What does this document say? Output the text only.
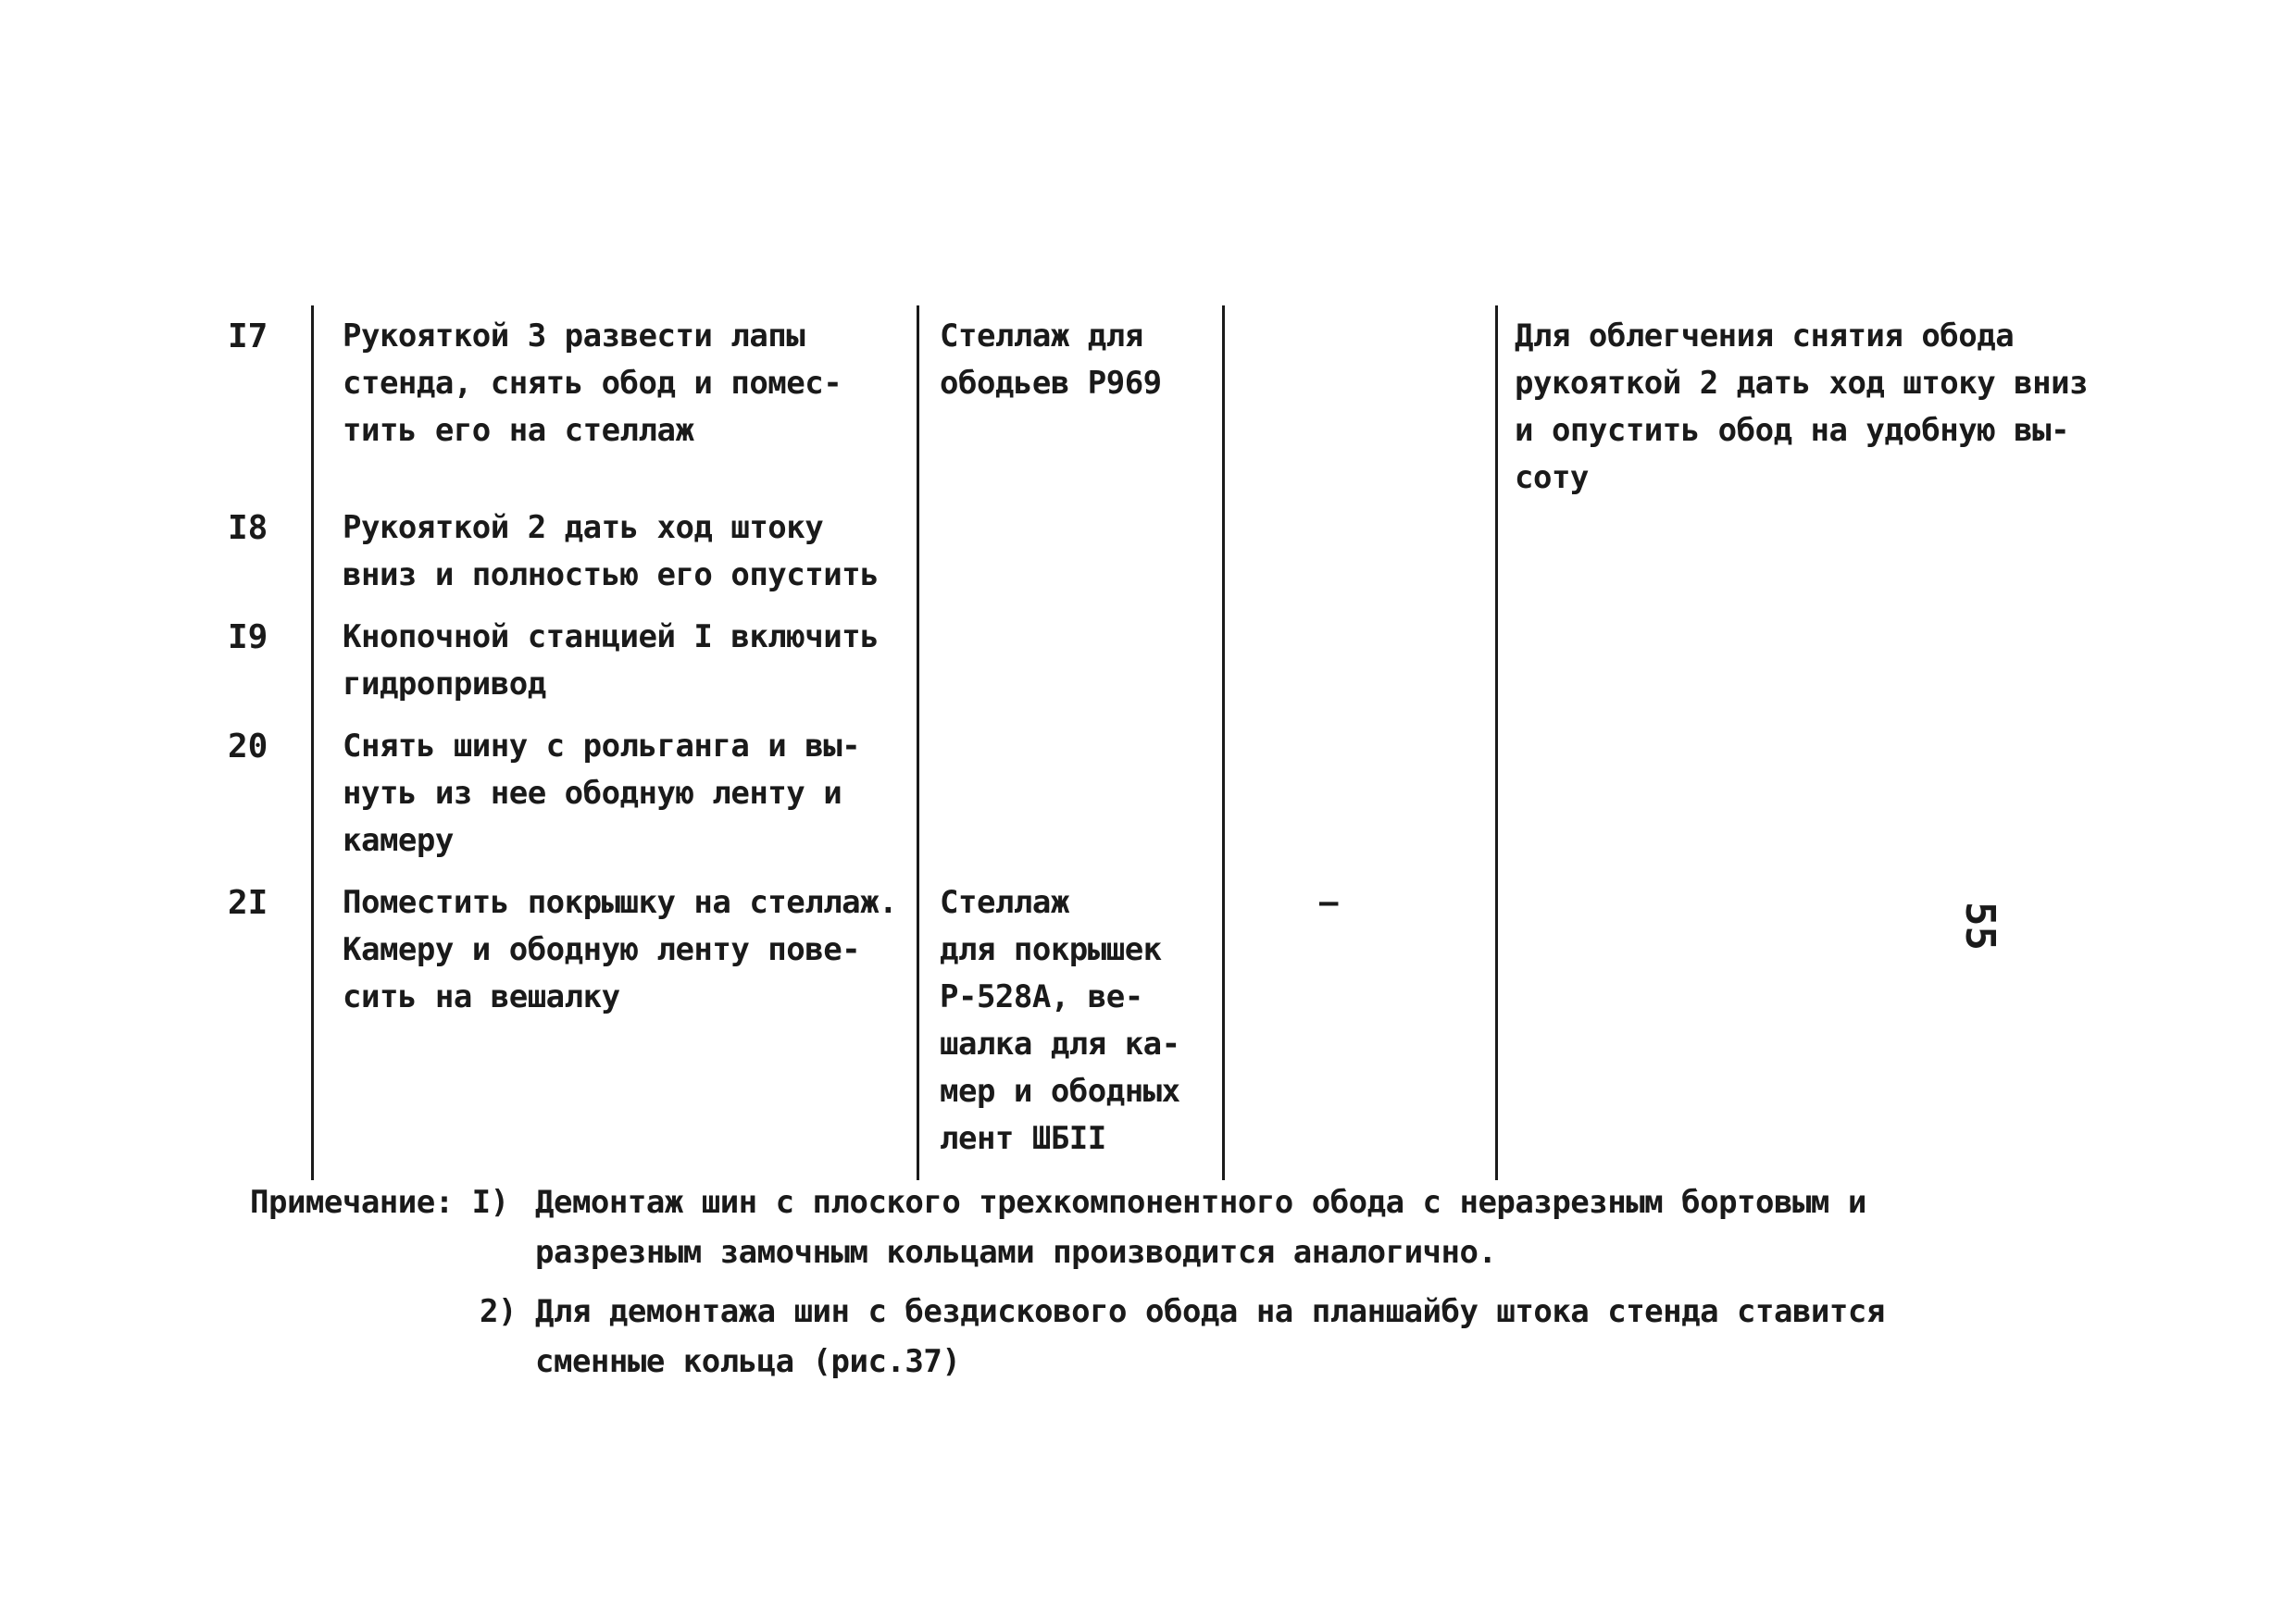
I7 Рукояткой 3 развести лапы
стенда, снять обод и помес-
тить его на стеллаж
Стеллаж для
ободьев Р969
Для облегчения снятия обода
рукояткой 2 дать ход штоку вниз
и опустить обод на удобную вы-
соту
I8 Рукояткой 2 дать ход штоку
вниз и полностью его опустить
I9 Кнопочной станцией I включить
гидропривод
20 Снять шину с рольганга и вы-
нуть из нее ободную ленту и
камеру
2I Поместить покрышку на стеллаж.
Камеру и ободную ленту пове-
сить на вешалку
Стеллаж
для покрышек
Р-528А, ве-
шалка для ка-
мер и ободных
лент ШБII
–
Примечание: I) Демонтаж шин с плоского трехкомпонентного обода с неразрезным бортовым и
разрезным замочным кольцами производится аналогично.
2) Для демонтажа шин с бездискового обода на планшайбу штока стенда ставится
сменные кольца (рис.37)
55
